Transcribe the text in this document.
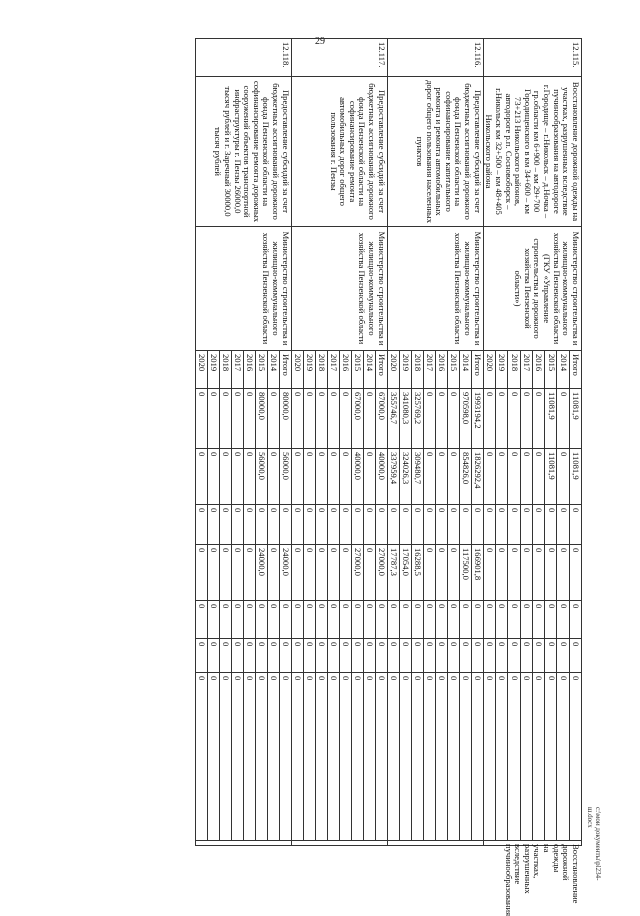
29
12.115.	Восстановление дорожной одежды на участках, разрушенных вследствие пучинообразования на автодороге г.Городище – г.Никольск – д.Ночка – гр.области км 6+900 – км 29+700 Городищенского в км 34+600 – км 73+213 Никольского районов, автодороге р.п. Сосновоборск – г.Никольск км 32+500 – км 48+405 Никольского района	Министерство строительства и жилищно-коммунального хозяйства Пензенской области (ГКУ «Управление строительства и дорожного хозяйства Пензенской области»)	Итого	11081,9	11081,9	0	0	0	0	0	Восстановление дорожной одежды на участках, разрушенных вследствие пучинообразования
			2014	0	0	0	0	0	0	0	
			2015	11081,9	11081,9	0	0	0	0	0	
			2016	0	0	0	0	0	0	0	
			2017	0	0	0	0	0	0	0	
			2018	0	0	0	0	0	0	0	
			2019	0	0	0	0	0	0	0	
			2020	0	0	0	0	0	0	0	
12.116.	Предоставление субсидий за счет бюджетных ассигнований дорожного фонда Пензенской области на софинансирование капитального ремонта и ремонта автомобильных дорог общего пользования населенных пунктов	Министерство строительства и жилищно-коммунального хозяйства Пензенской области	Итого	1993194,2	1826292,4	0	166901,8	0	0	0	
			2014	970598,0	854826,0	0	117500,0	0	0	0	
			2015	0	0	0	0	0	0	0	
			2016	0	0	0	0	0	0	0	
			2017	0	0	0	0	0	0	0	
			2018	325769,2	309480,7	0	16288,5	0	0	0	
			2019	341080,3	324026,3	0	17054,0	0	0	0	
			2020	355746,7	337959,4	0	17787,3	0	0	0	
12.117.	Предоставление субсидий за счет бюджетных ассигнований дорожного фонда Пензенской области на софинансирование ремонта автомобильных дорог общего пользования г. Пензы	Министерство строительства и жилищно-коммунального хозяйства Пензенской области	Итого	67000,0	40000,0	0	27000,0	0	0	0	
			2014	0	0	0	0	0	0	0	
			2015	67000,0	40000,0	0	27000,0	0	0	0	
			2016	0	0	0	0	0	0	0	
			2017	0	0	0	0	0	0	0	
			2018	0	0	0	0	0	0	0	
			2019	0	0	0	0	0	0	0	
			2020	0	0	0	0	0	0	0	
12.118.	Предоставление субсидий за счет бюджетных ассигнований дорожного фонда Пензенской области на софинансирование ремонта дорожных сооружений объектов транспортной инфраструктуры г. Пензы 26000,0 тысяч рублей и г. Заречный 30000,0 тысяч рублей	Министерство строительства и жилищно-коммунального хозяйства Пензенской области	Итого	80000,0	56000,0	0	24000,0	0	0	0	
			2014	0	0	0	0	0	0	0	
			2015	80000,0	56000,0	0	24000,0	0	0	0	
			2016	0	0	0	0	0	0	0	
			2017	0	0	0	0	0	0	0	
			2018	0	0	0	0	0	0	0	
			2019	0	0	0	0	0	0	0	
			2020	0	0	0	0	0	0	0	
c:\мои документы\pl234-ш.docx
